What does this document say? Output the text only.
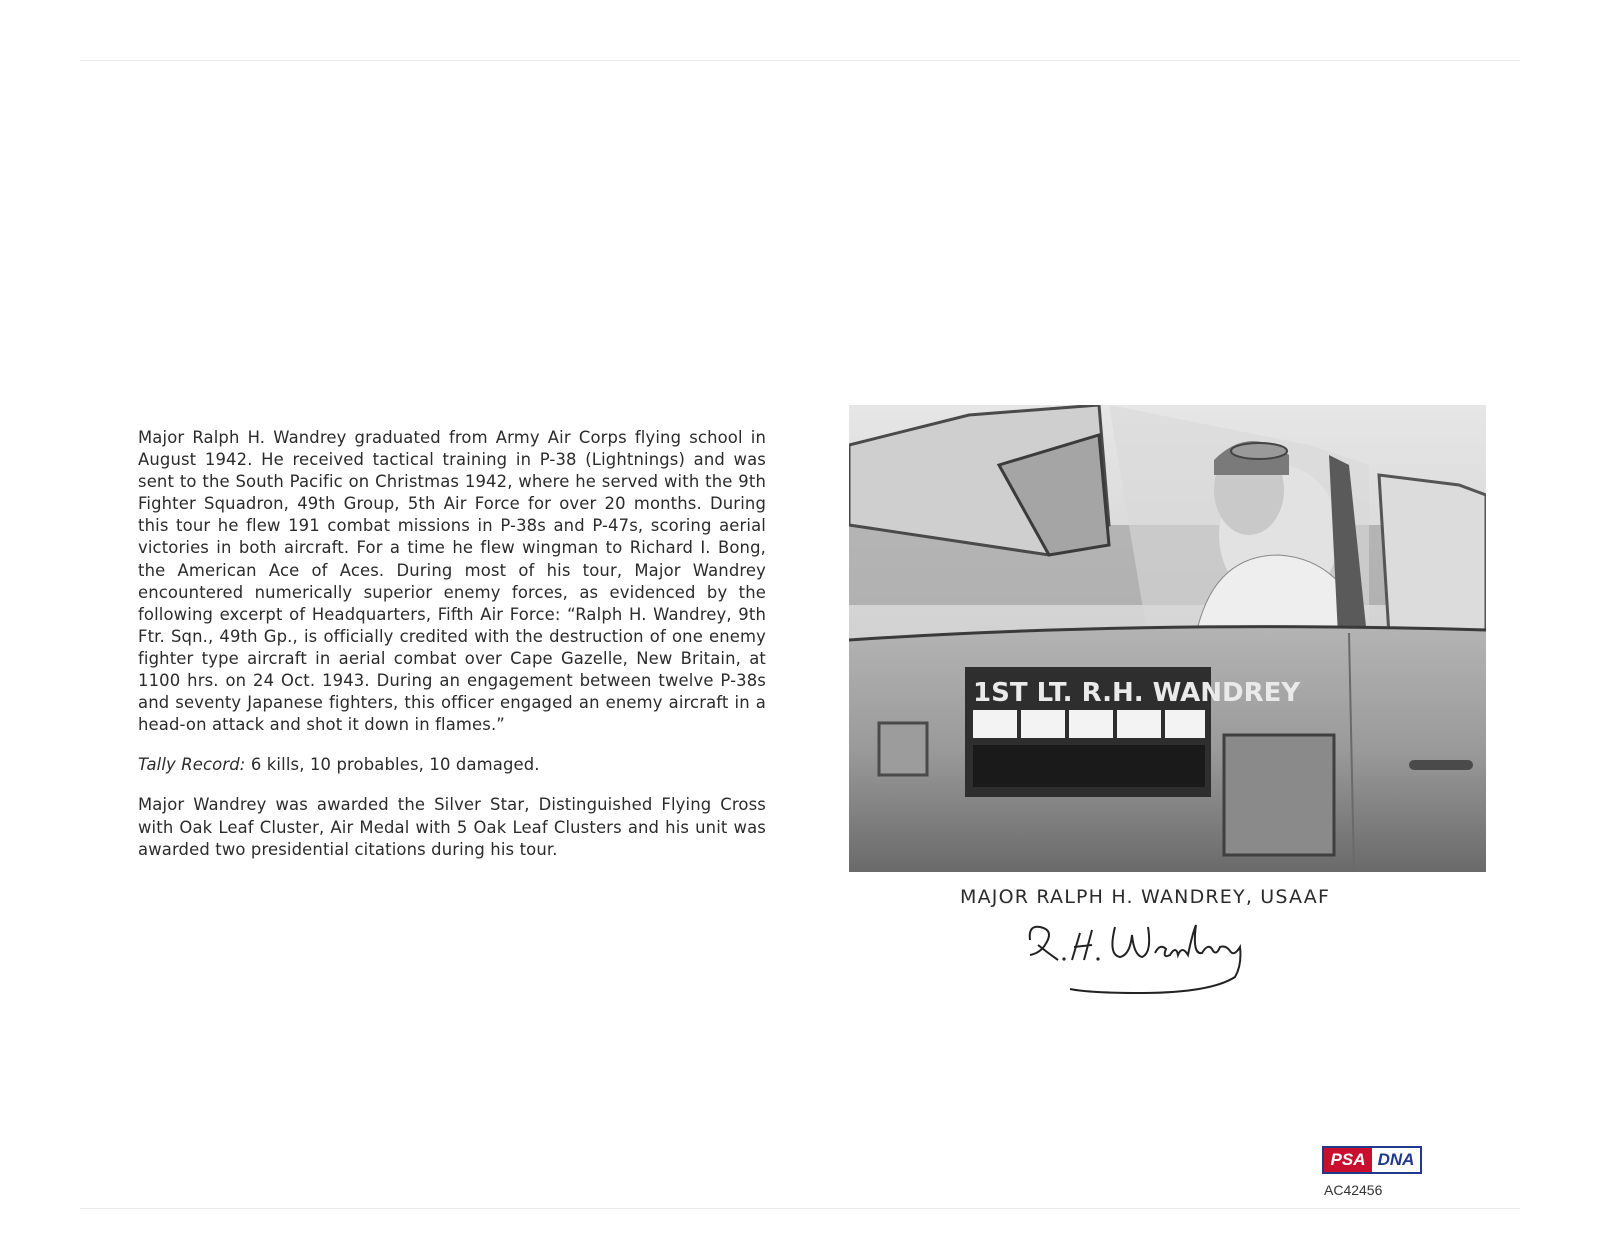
Major Ralph H. Wandrey graduated from Army Air Corps flying school in August 1942. He received tactical training in P-38 (Lightnings) and was sent to the South Pacific on Christmas 1942, where he served with the 9th Fighter Squadron, 49th Group, 5th Air Force for over 20 months. During this tour he flew 191 combat missions in P-38s and P-47s, scoring aerial victories in both aircraft. For a time he flew wingman to Richard I. Bong, the American Ace of Aces. During most of his tour, Major Wandrey encountered numerically superior enemy forces, as evidenced by the following excerpt of Headquarters, Fifth Air Force: “Ralph H. Wandrey, 9th Ftr. Sqn., 49th Gp., is officially credited with the destruction of one enemy fighter type aircraft in aerial combat over Cape Gazelle, New Britain, at 1100 hrs. on 24 Oct. 1943. During an engagement between twelve P-38s and seventy Japanese fighters, this officer engaged an enemy aircraft in a head-on attack and shot it down in flames.”

Tally Record: 6 kills, 10 probables, 10 damaged.

Major Wandrey was awarded the Silver Star, Distinguished Flying Cross with Oak Leaf Cluster, Air Medal with 5 Oak Leaf Clusters and his unit was awarded two presidential citations during his tour.

1ST LT. R.H. WANDREY
MAJOR RALPH H. WANDREY, USAAF
PSA DNA
AC42456
